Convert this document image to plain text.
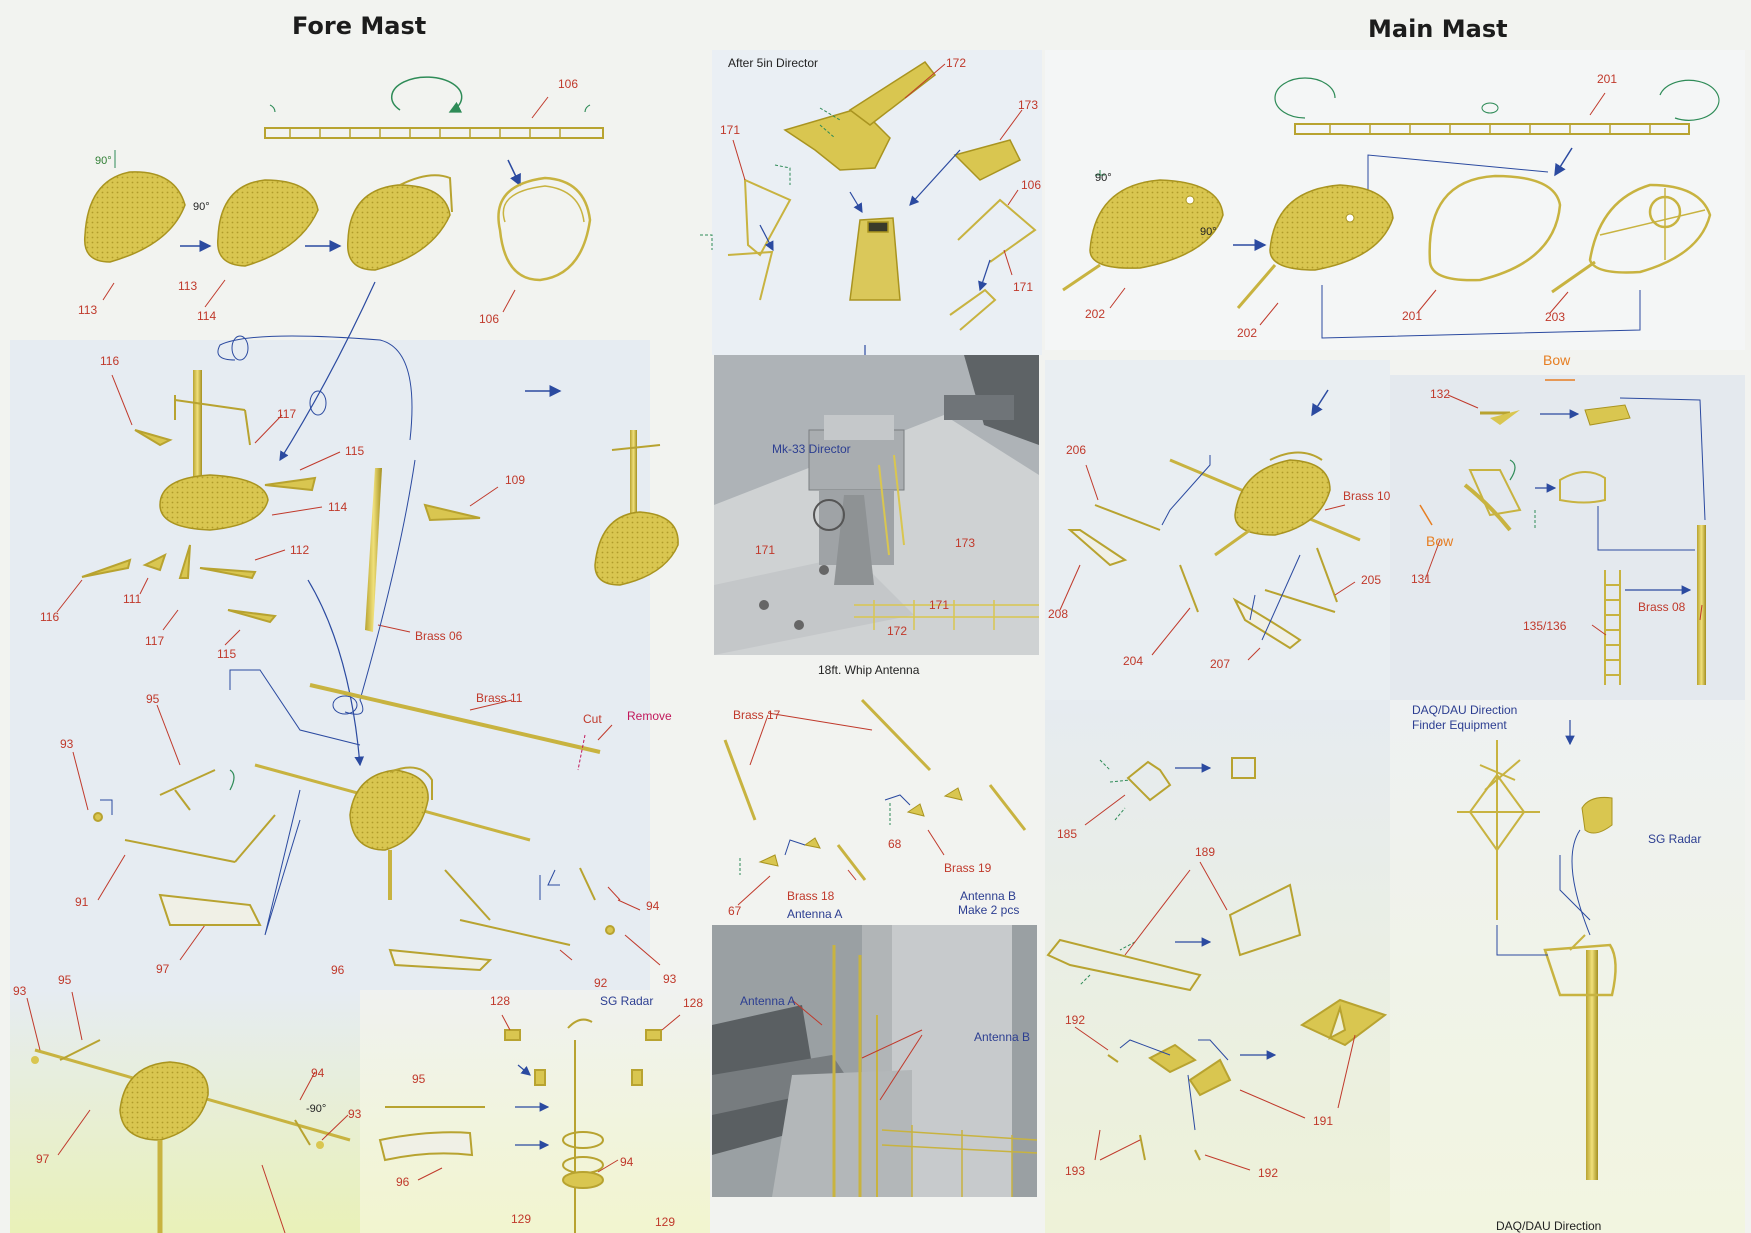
Fore Mast	Main Mast
106
90°
90°
113
113
114	106
116
117
115
114
109
112
111
116
117
115
Brass 06
95
93
Brass 11
Cut Remove
91
97	96
94
92	93
95
93
94
-90° 93
97
128	SG Radar 128
95
96
94
129	129
After 5in Director	172
173
171
106
171
Mk-33 Director
171	173
171
172
18ft. Whip Antenna
Brass 17
68
Brass 19
67
Brass 18
Antenna A
Antenna B
Make 2 pcs
Antenna A
Antenna B
201
90°
90°
202
202
201	203
Bow
132
Bow
131
Brass 08
135/136
206
Brass 10
205
208
204	207
DAQ/DAU Direction
Finder Equipment
SG Radar
185
189
192
191
193	192
DAQ/DAU Direction
